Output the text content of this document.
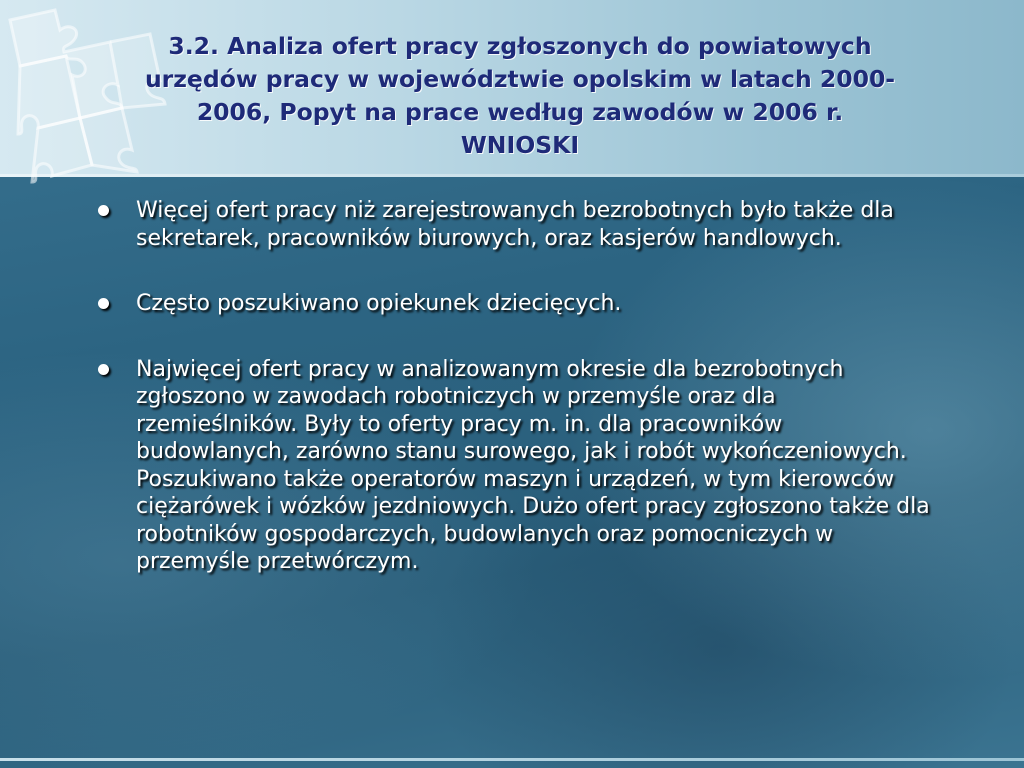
3.2. Analiza ofert pracy zgłoszonych do powiatowych
urzędów pracy w województwie opolskim w latach 2000-
2006, Popyt na prace według zawodów w 2006 r.
WNIOSKI
Więcej ofert pracy niż zarejestrowanych bezrobotnych było także dla sekretarek, pracowników biurowych, oraz kasjerów handlowych.
Często poszukiwano opiekunek dziecięcych.
Najwięcej ofert pracy w analizowanym okresie dla bezrobotnych zgłoszono w zawodach robotniczych w przemyśle oraz dla rzemieślników. Były to oferty pracy m. in. dla pracowników budowlanych, zarówno stanu surowego, jak i robót wykończeniowych. Poszukiwano także operatorów maszyn i urządzeń, w tym kierowców ciężarówek i wózków jezdniowych. Dużo ofert pracy zgłoszono także dla robotników gospodarczych, budowlanych oraz pomocniczych w przemyśle przetwórczym.
